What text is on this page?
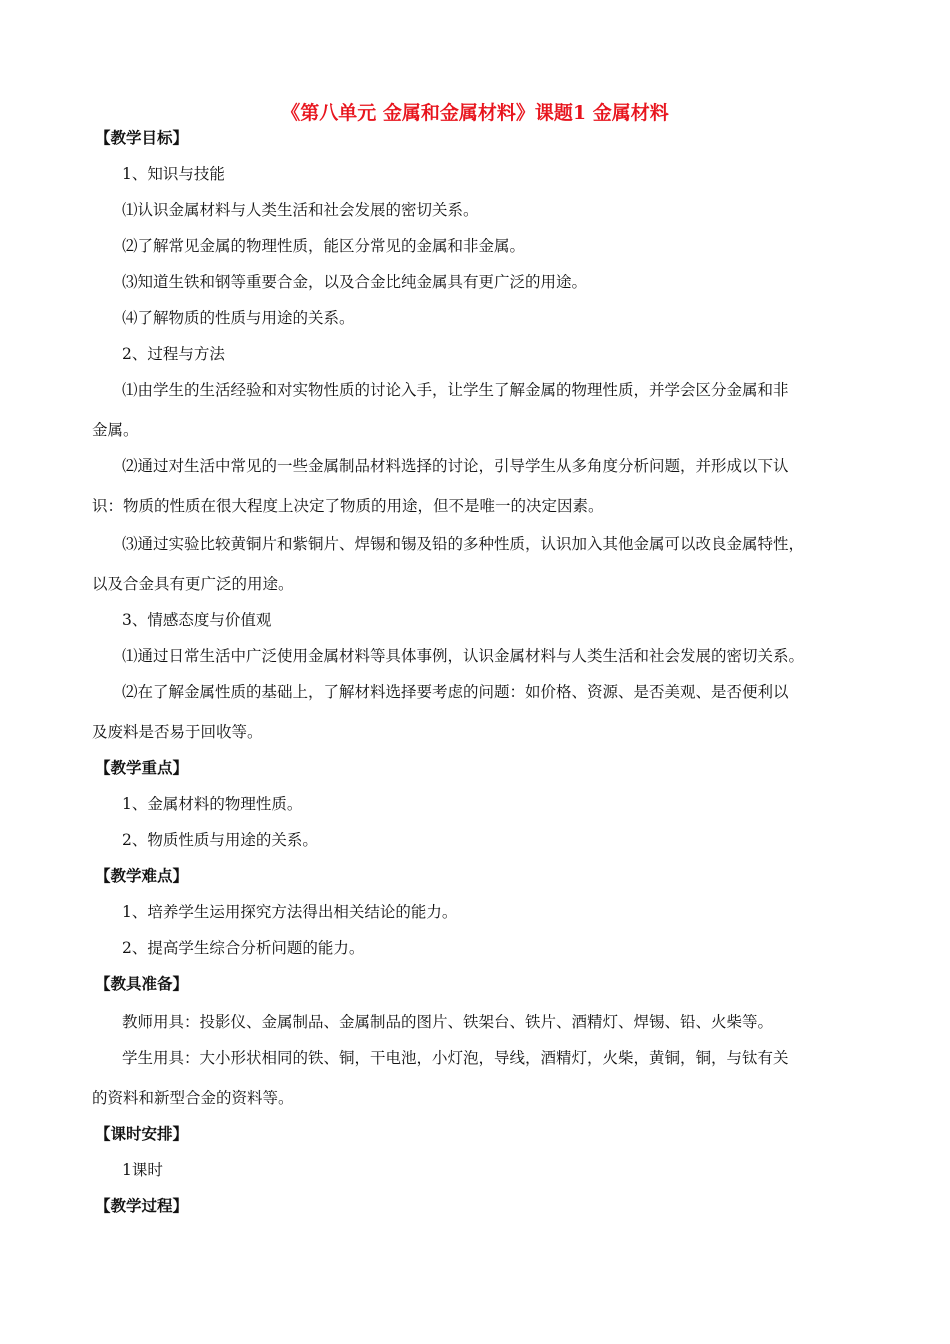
《第八单元 金属和金属材料》课题1 金属材料
【教学目标】
1、知识与技能
⑴认识金属材料与人类生活和社会发展的密切关系。
⑵了解常见金属的物理性质，能区分常见的金属和非金属。
⑶知道生铁和钢等重要合金，以及合金比纯金属具有更广泛的用途。
⑷了解物质的性质与用途的关系。
2、过程与方法
⑴由学生的生活经验和对实物性质的讨论入手，让学生了解金属的物理性质，并学会区分金属和非
金属。
⑵通过对生活中常见的一些金属制品材料选择的讨论，引导学生从多角度分析问题，并形成以下认
识：物质的性质在很大程度上决定了物质的用途，但不是唯一的决定因素。
⑶通过实验比较黄铜片和紫铜片、焊锡和锡及铅的多种性质，认识加入其他金属可以改良金属特性，
以及合金具有更广泛的用途。
3、情感态度与价值观
⑴通过日常生活中广泛使用金属材料等具体事例，认识金属材料与人类生活和社会发展的密切关系。
⑵在了解金属性质的基础上，了解材料选择要考虑的问题：如价格、资源、是否美观、是否便利以
及废料是否易于回收等。
【教学重点】
1、金属材料的物理性质。
2、物质性质与用途的关系。
【教学难点】
1、培养学生运用探究方法得出相关结论的能力。
2、提高学生综合分析问题的能力。
【教具准备】
教师用具：投影仪、金属制品、金属制品的图片、铁架台、铁片、酒精灯、焊锡、铅、火柴等。
学生用具：大小形状相同的铁、铜，干电池，小灯泡，导线，酒精灯，火柴，黄铜，铜，与钛有关
的资料和新型合金的资料等。
【课时安排】
1课时
【教学过程】
